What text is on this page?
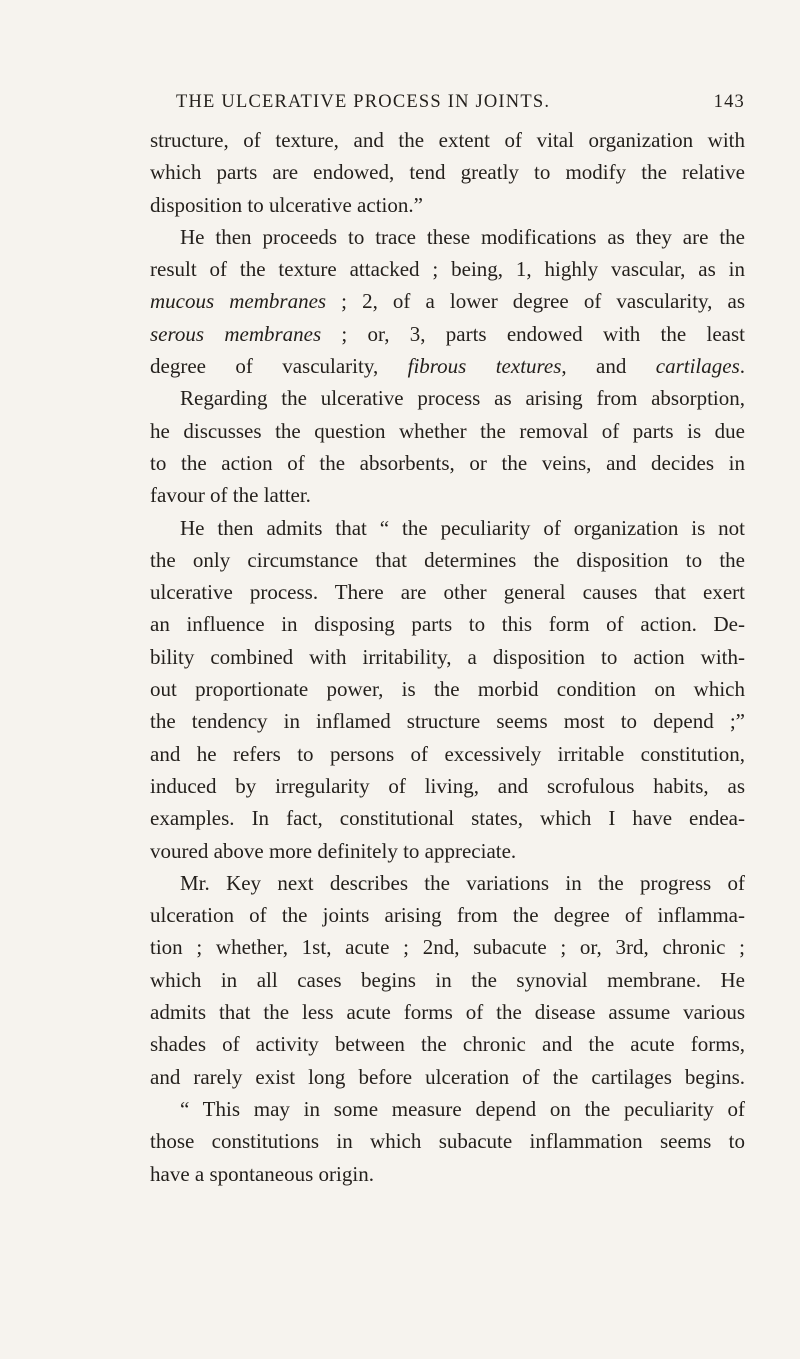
THE ULCERATIVE PROCESS IN JOINTS.	143
structure, of texture, and the extent of vital organization with
which parts are endowed, tend greatly to modify the relative
disposition to ulcerative action.”
He then proceeds to trace these modifications as they are the
result of the texture attacked ; being, 1, highly vascular, as in
mucous membranes ; 2, of a lower degree of vascularity, as
serous membranes ; or, 3, parts endowed with the least
degree of vascularity, fibrous textures, and cartilages.
Regarding the ulcerative process as arising from absorption,
he discusses the question whether the removal of parts is due
to the action of the absorbents, or the veins, and decides in
favour of the latter.
He then admits that “ the peculiarity of organization is not
the only circumstance that determines the disposition to the
ulcerative process. There are other general causes that exert
an influence in disposing parts to this form of action. De-
bility combined with irritability, a disposition to action with-
out proportionate power, is the morbid condition on which
the tendency in inflamed structure seems most to depend ;”
and he refers to persons of excessively irritable constitution,
induced by irregularity of living, and scrofulous habits, as
examples. In fact, constitutional states, which I have endea-
voured above more definitely to appreciate.
Mr. Key next describes the variations in the progress of
ulceration of the joints arising from the degree of inflamma-
tion ; whether, 1st, acute ; 2nd, subacute ; or, 3rd, chronic ;
which in all cases begins in the synovial membrane. He
admits that the less acute forms of the disease assume various
shades of activity between the chronic and the acute forms,
and rarely exist long before ulceration of the cartilages begins.
“ This may in some measure depend on the peculiarity of
those constitutions in which subacute inflammation seems to
have a spontaneous origin.
